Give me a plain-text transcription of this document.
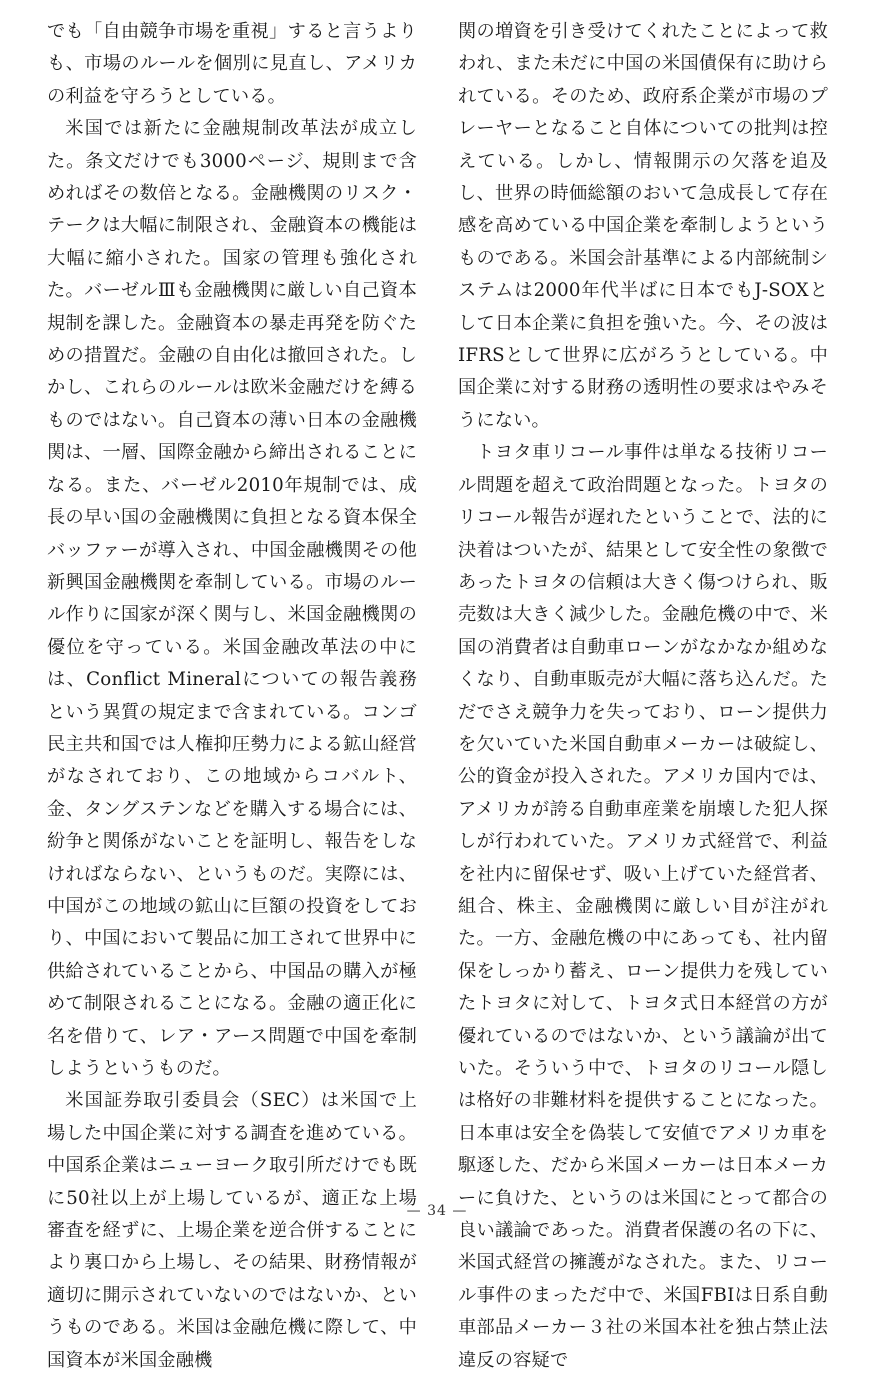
でも「自由競争市場を重視」すると言うよりも、市場のルールを個別に見直し、アメリカの利益を守ろうとしている。

米国では新たに金融規制改革法が成立した。条文だけでも3000ページ、規則まで含めればその数倍となる。金融機関のリスク・テークは大幅に制限され、金融資本の機能は大幅に縮小された。国家の管理も強化された。バーゼルⅢも金融機関に厳しい自己資本規制を課した。金融資本の暴走再発を防ぐための措置だ。金融の自由化は撤回された。しかし、これらのルールは欧米金融だけを縛るものではない。自己資本の薄い日本の金融機関は、一層、国際金融から締出されることになる。また、バーゼル2010年規制では、成長の早い国の金融機関に負担となる資本保全バッファーが導入され、中国金融機関その他新興国金融機関を牽制している。市場のルール作りに国家が深く関与し、米国金融機関の優位を守っている。米国金融改革法の中には、Conflict Mineralについての報告義務という異質の規定まで含まれている。コンゴ民主共和国では人権抑圧勢力による鉱山経営がなされており、この地域からコバルト、金、タングステンなどを購入する場合には、紛争と関係がないことを証明し、報告をしなければならない、というものだ。実際には、中国がこの地域の鉱山に巨額の投資をしており、中国において製品に加工されて世界中に供給されていることから、中国品の購入が極めて制限されることになる。金融の適正化に名を借りて、レア・アース問題で中国を牽制しようというものだ。

米国証券取引委員会（SEC）は米国で上場した中国企業に対する調査を進めている。中国系企業はニューヨーク取引所だけでも既に50社以上が上場しているが、適正な上場審査を経ずに、上場企業を逆合併することにより裏口から上場し、その結果、財務情報が適切に開示されていないのではないか、というものである。米国は金融危機に際して、中国資本が米国金融機

関の増資を引き受けてくれたことによって救われ、また未だに中国の米国債保有に助けられている。そのため、政府系企業が市場のプレーヤーとなること自体についての批判は控えている。しかし、情報開示の欠落を追及し、世界の時価総額のおいて急成長して存在感を高めている中国企業を牽制しようというものである。米国会計基準による内部統制システムは2000年代半ばに日本でもJ-SOXとして日本企業に負担を強いた。今、その波はIFRSとして世界に広がろうとしている。中国企業に対する財務の透明性の要求はやみそうにない。

トヨタ車リコール事件は単なる技術リコール問題を超えて政治問題となった。トヨタのリコール報告が遅れたということで、法的に決着はついたが、結果として安全性の象徴であったトヨタの信頼は大きく傷つけられ、販売数は大きく減少した。金融危機の中で、米国の消費者は自動車ローンがなかなか組めなくなり、自動車販売が大幅に落ち込んだ。ただでさえ競争力を失っており、ローン提供力を欠いていた米国自動車メーカーは破綻し、公的資金が投入された。アメリカ国内では、アメリカが誇る自動車産業を崩壊した犯人探しが行われていた。アメリカ式経営で、利益を社内に留保せず、吸い上げていた経営者、組合、株主、金融機関に厳しい目が注がれた。一方、金融危機の中にあっても、社内留保をしっかり蓄え、ローン提供力を残していたトヨタに対して、トヨタ式日本経営の方が優れているのではないか、という議論が出ていた。そういう中で、トヨタのリコール隠しは格好の非難材料を提供することになった。日本車は安全を偽装して安値でアメリカ車を駆逐した、だから米国メーカーは日本メーカーに負けた、というのは米国にとって都合の良い議論であった。消費者保護の名の下に、米国式経営の擁護がなされた。また、リコール事件のまっただ中で、米国FBIは日系自動車部品メーカー３社の米国本社を独占禁止法違反の容疑で

— 34 —
